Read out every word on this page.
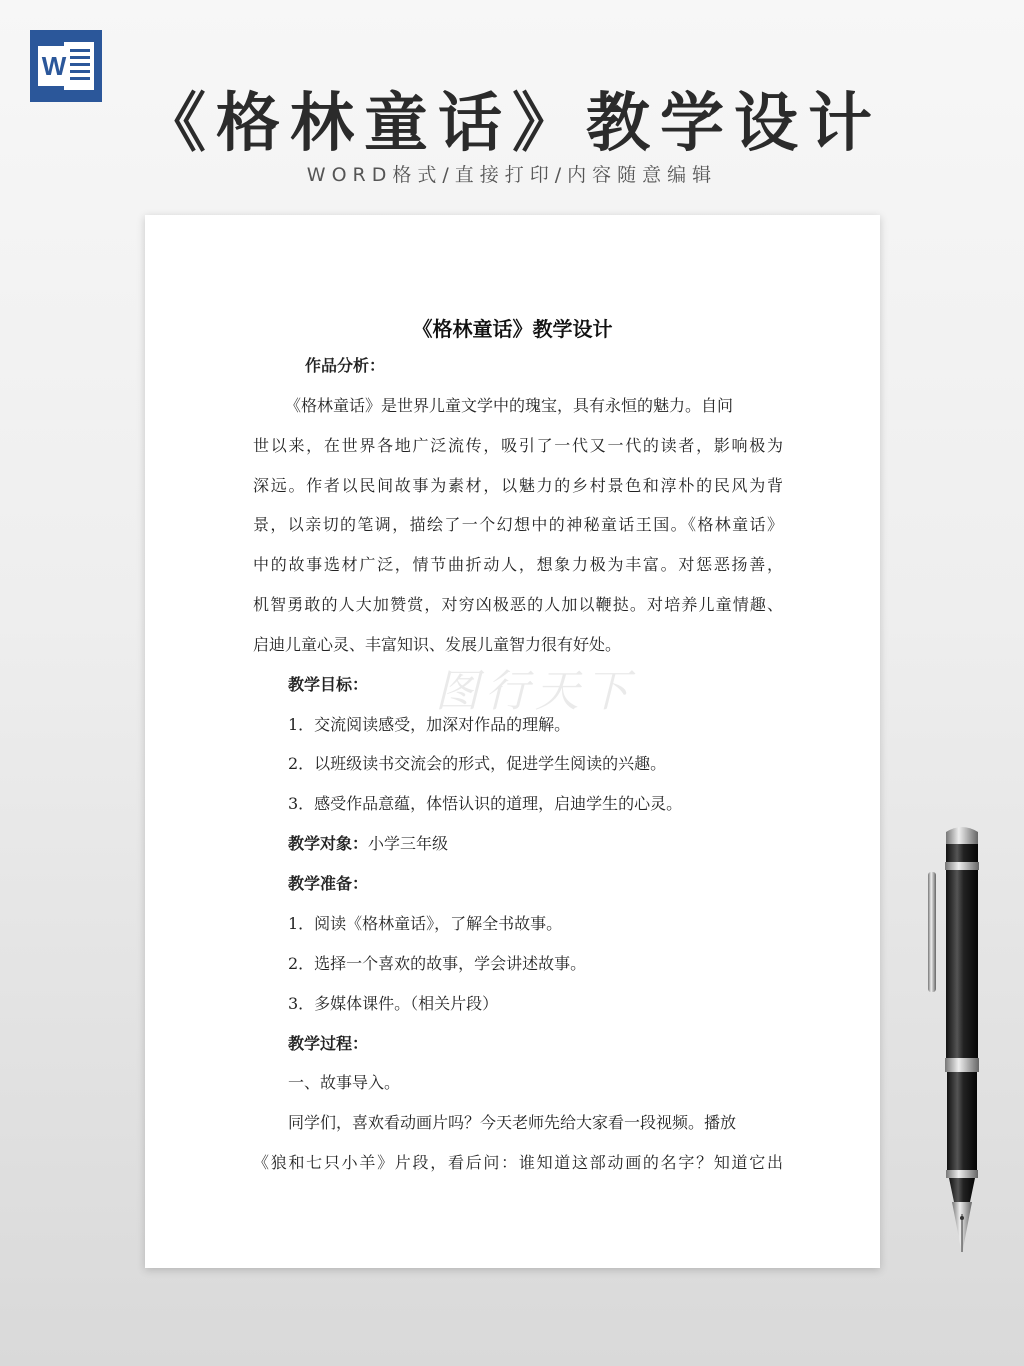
W
《格林童话》教学设计
WORD格式/直接打印/内容随意编辑
图行天下
《格林童话》教学设计
作品分析：
《格林童话》是世界儿童文学中的瑰宝，具有永恒的魅力。自问
世以来，在世界各地广泛流传，吸引了一代又一代的读者，影响极为
深远。作者以民间故事为素材，以魅力的乡村景色和淳朴的民风为背
景，以亲切的笔调，描绘了一个幻想中的神秘童话王国。《格林童话》
中的故事选材广泛，情节曲折动人，想象力极为丰富。对惩恶扬善，
机智勇敢的人大加赞赏，对穷凶极恶的人加以鞭挞。对培养儿童情趣、
启迪儿童心灵、丰富知识、发展儿童智力很有好处。
教学目标：
1．交流阅读感受，加深对作品的理解。
2．以班级读书交流会的形式，促进学生阅读的兴趣。
3．感受作品意蕴，体悟认识的道理，启迪学生的心灵。
教学对象：小学三年级
教学准备：
1．阅读《格林童话》，了解全书故事。
2．选择一个喜欢的故事，学会讲述故事。
3．多媒体课件。（相关片段）
教学过程：
一、故事导入。
同学们，喜欢看动画片吗？今天老师先给大家看一段视频。播放
《狼和七只小羊》片段，看后问：谁知道这部动画的名字？知道它出
